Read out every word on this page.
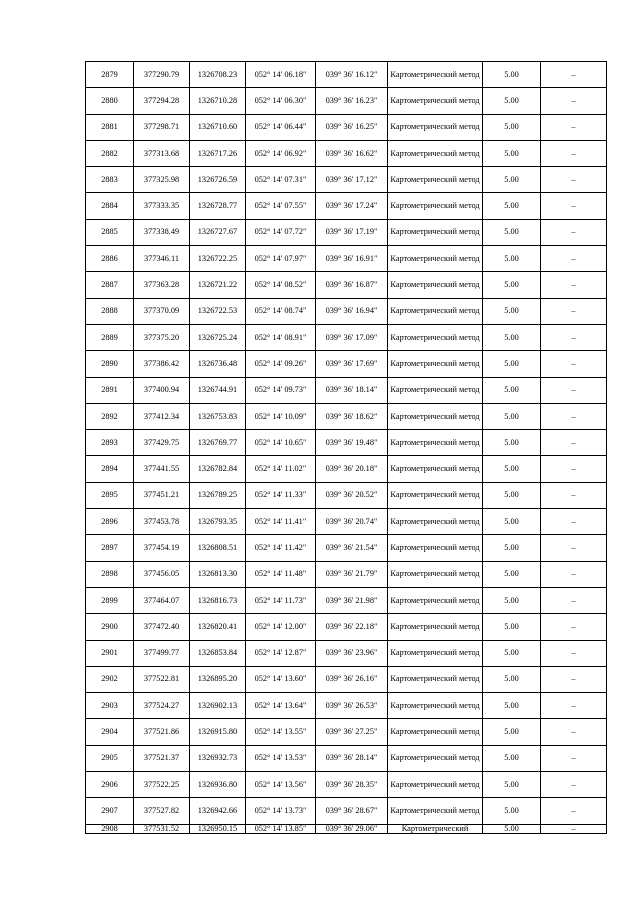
2879	377290.79	1326708.23	052° 14' 06.18"	039° 36' 16.12"	Картометрический метод	5.00	–
2880	377294.28	1326710.28	052° 14' 06.30"	039° 36' 16.23"	Картометрический метод	5.00	–
2881	377298.71	1326710.60	052° 14' 06.44"	039° 36' 16.25"	Картометрический метод	5.00	–
2882	377313.68	1326717.26	052° 14' 06.92"	039° 36' 16.62"	Картометрический метод	5.00	–
2883	377325.98	1326726.59	052° 14' 07.31"	039° 36' 17.12"	Картометрический метод	5.00	–
2884	377333.35	1326728.77	052° 14' 07.55"	039° 36' 17.24"	Картометрический метод	5.00	–
2885	377338.49	1326727.67	052° 14' 07.72"	039° 36' 17.19"	Картометрический метод	5.00	–
2886	377346.11	1326722.25	052° 14' 07.97"	039° 36' 16.91"	Картометрический метод	5.00	–
2887	377363.28	1326721.22	052° 14' 08.52"	039° 36' 16.87"	Картометрический метод	5.00	–
2888	377370.09	1326722.53	052° 14' 08.74"	039° 36' 16.94"	Картометрический метод	5.00	–
2889	377375.20	1326725.24	052° 14' 08.91"	039° 36' 17.09"	Картометрический метод	5.00	–
2890	377386.42	1326736.48	052° 14' 09.26"	039° 36' 17.69"	Картометрический метод	5.00	–
2891	377400.94	1326744.91	052° 14' 09.73"	039° 36' 18.14"	Картометрический метод	5.00	–
2892	377412.34	1326753.83	052° 14' 10.09"	039° 36' 18.62"	Картометрический метод	5.00	–
2893	377429.75	1326769.77	052° 14' 10.65"	039° 36' 19.48"	Картометрический метод	5.00	–
2894	377441.55	1326782.84	052° 14' 11.02"	039° 36' 20.18"	Картометрический метод	5.00	–
2895	377451.21	1326789.25	052° 14' 11.33"	039° 36' 20.52"	Картометрический метод	5.00	–
2896	377453.78	1326793.35	052° 14' 11.41"	039° 36' 20.74"	Картометрический метод	5.00	–
2897	377454.19	1326808.51	052° 14' 11.42"	039° 36' 21.54"	Картометрический метод	5.00	–
2898	377456.05	1326813.30	052° 14' 11.48"	039° 36' 21.79"	Картометрический метод	5.00	–
2899	377464.07	1326816.73	052° 14' 11.73"	039° 36' 21.98"	Картометрический метод	5.00	–
2900	377472.40	1326820.41	052° 14' 12.00"	039° 36' 22.18"	Картометрический метод	5.00	–
2901	377499.77	1326853.84	052° 14' 12.87"	039° 36' 23.96"	Картометрический метод	5.00	–
2902	377522.81	1326895.20	052° 14' 13.60"	039° 36' 26.16"	Картометрический метод	5.00	–
2903	377524.27	1326902.13	052° 14' 13.64"	039° 36' 26.53"	Картометрический метод	5.00	–
2904	377521.86	1326915.80	052° 14' 13.55"	039° 36' 27.25"	Картометрический метод	5.00	–
2905	377521.37	1326932.73	052° 14' 13.53"	039° 36' 28.14"	Картометрический метод	5.00	–
2906	377522.25	1326936.80	052° 14' 13.56"	039° 36' 28.35"	Картометрический метод	5.00	–
2907	377527.82	1326942.66	052° 14' 13.73"	039° 36' 28.67"	Картометрический метод	5.00	–
2908	377531.52	1326950.15	052° 14' 13.85"	039° 36' 29.06"	Картометрический	5.00	–
